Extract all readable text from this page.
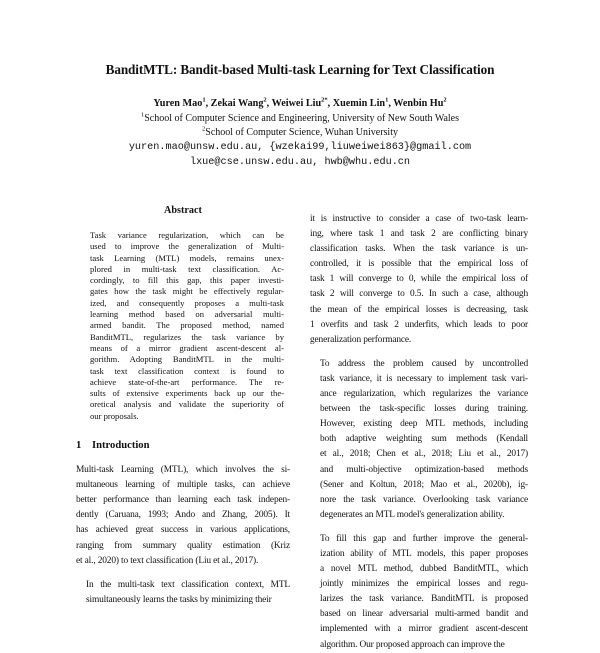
BanditMTL: Bandit-based Multi-task Learning for Text Classification
Yuren Mao$^1$, Zekai Wang$^2$, Weiwei Liu$^{2*}$, Xuemin Lin$^1$, Wenbin Hu$^2$
$^1$School of Computer Science and Engineering, University of New South Wales
$^2$School of Computer Science, Wuhan University
yuren.mao@unsw.edu.au, {wzekai99,liuweiwei863}@gmail.com
lxue@cse.unsw.edu.au, hwb@whu.edu.cn
Abstract
Task variance regularization, which can be
used to improve the generalization of Multi-
task Learning (MTL) models, remains unex-
plored in multi-task text classification. Ac-
cordingly, to fill this gap, this paper investi-
gates how the task might be effectively regular-
ized, and consequently proposes a multi-task
learning method based on adversarial multi-
armed bandit. The proposed method, named
BanditMTL, regularizes the task variance by
means of a mirror gradient ascent-descent al-
gorithm. Adopting BanditMTL in the multi-
task text classification context is found to
achieve state-of-the-art performance. The re-
sults of extensive experiments back up our the-
oretical analysis and validate the superiority of
our proposals.
1 Introduction
Multi-task Learning (MTL), which involves the si-
multaneous learning of multiple tasks, can achieve
better performance than learning each task indepen-
dently (Caruana, 1993; Ando and Zhang, 2005). It
has achieved great success in various applications,
ranging from summary quality estimation (Kriz
et al., 2020) to text classification (Liu et al., 2017).
In the multi-task text classification context, MTL
simultaneously learns the tasks by minimizing their
it is instructive to consider a case of two-task learn-
ing, where task 1 and task 2 are conflicting binary
classification tasks. When the task variance is un-
controlled, it is possible that the empirical loss of
task 1 will converge to 0, while the empirical loss of
task 2 will converge to 0.5. In such a case, although
the mean of the empirical losses is decreasing, task
1 overfits and task 2 underfits, which leads to poor
generalization performance.
To address the problem caused by uncontrolled
task variance, it is necessary to implement task vari-
ance regularization, which regularizes the variance
between the task-specific losses during training.
However, existing deep MTL methods, including
both adaptive weighting sum methods (Kendall
et al., 2018; Chen et al., 2018; Liu et al., 2017)
and multi-objective optimization-based methods
(Sener and Koltun, 2018; Mao et al., 2020b), ig-
nore the task variance. Overlooking task variance
degenerates an MTL model's generalization ability.
To fill this gap and further improve the general-
ization ability of MTL models, this paper proposes
a novel MTL method, dubbed BanditMTL, which
jointly minimizes the empirical losses and regu-
larizes the task variance. BanditMTL is proposed
based on linear adversarial multi-armed bandit and
implemented with a mirror gradient ascent-descent
algorithm. Our proposed approach can improve the
